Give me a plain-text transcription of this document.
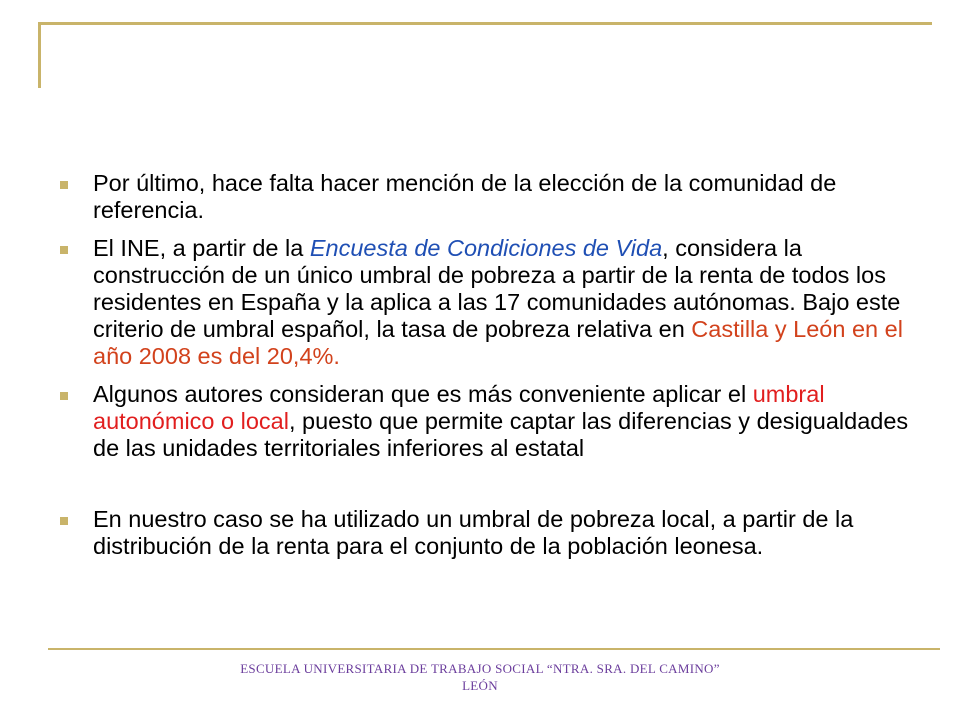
Por último, hace falta hacer mención de la elección de la comunidad de referencia.
El INE, a partir de la Encuesta de Condiciones de Vida, considera la construcción de un único umbral de pobreza a partir de la renta de todos los residentes en España y la aplica a las 17 comunidades autónomas. Bajo este criterio de umbral español, la tasa de pobreza relativa en Castilla y León en el año 2008 es del 20,4%.
Algunos autores consideran que es más conveniente aplicar el umbral autonómico o local, puesto que permite captar las diferencias y desigualdades de las unidades territoriales inferiores al estatal
En nuestro caso se ha utilizado un umbral de pobreza local, a partir de la distribución de la renta para el conjunto de la población leonesa.
ESCUELA UNIVERSITARIA DE TRABAJO SOCIAL “NTRA. SRA. DEL CAMINO”
LEÓN
